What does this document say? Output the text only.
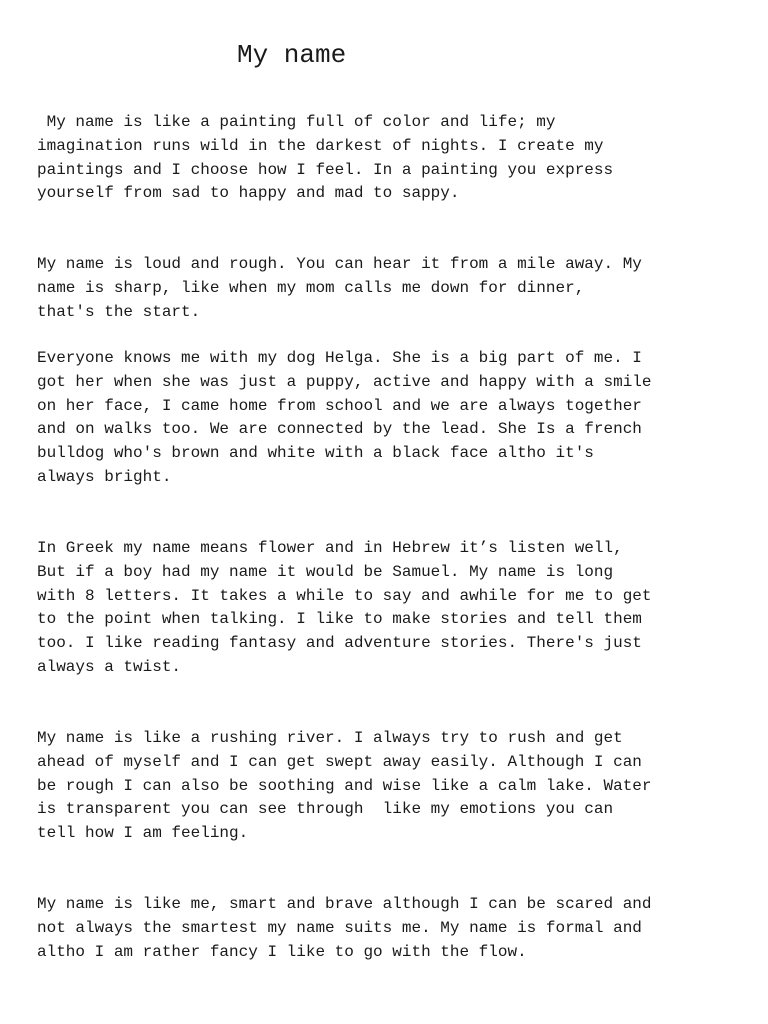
My name
My name is like a painting full of color and life; my
imagination runs wild in the darkest of nights. I create my
paintings and I choose how I feel. In a painting you express
yourself from sad to happy and mad to sappy.
My name is loud and rough. You can hear it from a mile away. My
name is sharp, like when my mom calls me down for dinner,
that's the start.
Everyone knows me with my dog Helga. She is a big part of me. I
got her when she was just a puppy, active and happy with a smile
on her face, I came home from school and we are always together
and on walks too. We are connected by the lead. She Is a french
bulldog who's brown and white with a black face altho it's
always bright.
In Greek my name means flower and in Hebrew it’s listen well,
But if a boy had my name it would be Samuel. My name is long
with 8 letters. It takes a while to say and awhile for me to get
to the point when talking. I like to make stories and tell them
too. I like reading fantasy and adventure stories. There's just
always a twist.
My name is like a rushing river. I always try to rush and get
ahead of myself and I can get swept away easily. Although I can
be rough I can also be soothing and wise like a calm lake. Water
is transparent you can see through  like my emotions you can
tell how I am feeling.
My name is like me, smart and brave although I can be scared and
not always the smartest my name suits me. My name is formal and
altho I am rather fancy I like to go with the flow.
